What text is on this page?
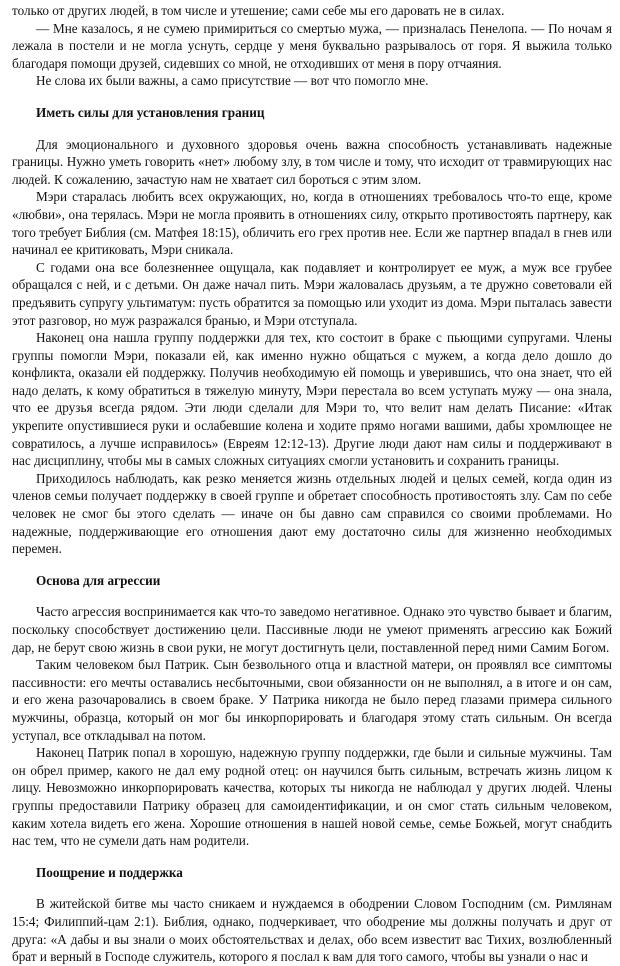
только от других людей, в том числе и утешение; сами себе мы его даровать не в силах.

— Мне казалось, я не сумею примириться со смертью мужа, — призналась Пенелопа. — По ночам я лежала в постели и не могла уснуть, сердце у меня буквально разрывалось от горя. Я выжила только благодаря помощи друзей, сидевших со мной, не отходивших от меня в пору отчаяния.

Не слова их были важны, а само присутствие — вот что помогло мне.

Иметь силы для установления границ

Для эмоционального и духовного здоровья очень важна способность устанавливать надежные границы. Нужно уметь говорить «нет» любому злу, в том числе и тому, что исходит от травмирующих нас людей. К сожалению, зачастую нам не хватает сил бороться с этим злом.

Мэри старалась любить всех окружающих, но, когда в отношениях требовалось что-то еще, кроме «любви», она терялась. Мэри не могла проявить в отношениях силу, открыто противостоять партнеру, как того требует Библия (см. Матфея 18:15), обличить его грех против нее. Если же партнер впадал в гнев или начинал ее критиковать, Мэри сникала.

С годами она все болезненнее ощущала, как подавляет и контролирует ее муж, а муж все грубее обращался с ней, и с детьми. Он даже начал пить. Мэри жаловалась друзьям, а те дружно советовали ей предъявить супругу ультиматум: пусть обратится за помощью или уходит из дома. Мэри пыталась завести этот разговор, но муж разражался бранью, и Мэри отступала.

Наконец она нашла группу поддержки для тех, кто состоит в браке с пьющими супругами. Члены группы помогли Мэри, показали ей, как именно нужно общаться с мужем, а когда дело дошло до конфликта, оказали ей поддержку. Получив необходимую ей помощь и уверившись, что она знает, что ей надо делать, к кому обратиться в тяжелую минуту, Мэри перестала во всем уступать мужу — она знала, что ее друзья всегда рядом. Эти люди сделали для Мэри то, что велит нам делать Писание: «Итак укрепите опустившиеся руки и ослабевшие колена и ходите прямо ногами вашими, дабы хромлющее не совратилось, а лучше исправилось» (Евреям 12:12-13). Другие люди дают нам силы и поддерживают в нас дисциплину, чтобы мы в самых сложных ситуациях смогли установить и сохранить границы.

Приходилось наблюдать, как резко меняется жизнь отдельных людей и целых семей, когда один из членов семьи получает поддержку в своей группе и обретает способность противостоять злу. Сам по себе человек не смог бы этого сделать — иначе он бы давно сам справился со своими проблемами. Но надежные, поддерживающие его отношения дают ему достаточно силы для жизненно необходимых перемен.

Основа для агрессии

Часто агрессия воспринимается как что-то заведомо негативное. Однако это чувство бывает и благим, поскольку способствует достижению цели. Пассивные люди не умеют применять агрессию как Божий дар, не берут свою жизнь в свои руки, не могут достигнуть цели, поставленной перед ними Самим Богом.

Таким человеком был Патрик. Сын безвольного отца и властной матери, он проявлял все симптомы пассивности: его мечты оставались несбыточными, свои обязанности он не выполнял, а в итоге и он сам, и его жена разочаровались в своем браке. У Патрика никогда не было перед глазами примера сильного мужчины, образца, который он мог бы инкорпорировать и благодаря этому стать сильным. Он всегда уступал, все откладывал на потом.

Наконец Патрик попал в хорошую, надежную группу поддержки, где были и сильные мужчины. Там он обрел пример, какого не дал ему родной отец: он научился быть сильным, встречать жизнь лицом к лицу. Невозможно инкорпорировать качества, которых ты никогда не наблюдал у других людей. Члены группы предоставили Патрику образец для самоидентификации, и он смог стать сильным человеком, каким хотела видеть его жена. Хорошие отношения в нашей новой семье, семье Божьей, могут снабдить нас тем, что не сумели дать нам родители.

Поощрение и поддержка

В житейской битве мы часто сникаем и нуждаемся в ободрении Словом Господним (см. Римлянам 15:4; Филиппий-цам 2:1). Библия, однако, подчеркивает, что ободрение мы должны получать и друг от друга: «А дабы и вы знали о моих обстоятельствах и делах, обо всем известит вас Тихих, возлюбленный брат и верный в Господе служитель, которого я послал к вам для того самого, чтобы вы узнали о нас и
